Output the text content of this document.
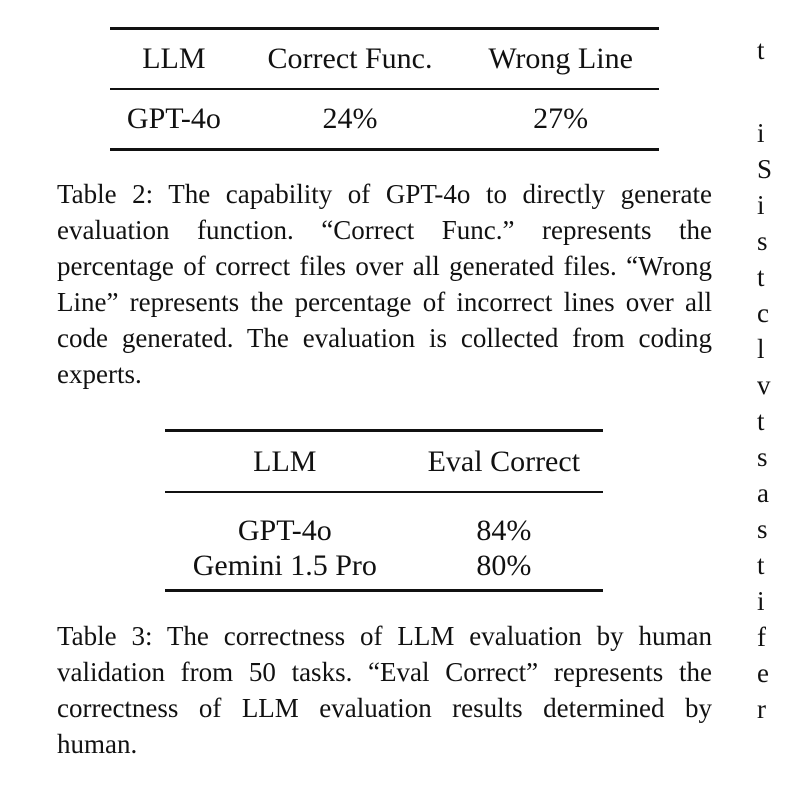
LLM	Correct Func.	Wrong Line
GPT-4o	24%	27%

Table 2: The capability of GPT-4o to directly generate evaluation function. “Correct Func.” represents the percentage of correct files over all generated files. “Wrong Line” represents the percentage of incorrect lines over all code generated. The evaluation is collected from coding experts.

LLM	Eval Correct
GPT-4o	84%
Gemini 1.5 Pro	80%

Table 3: The correctness of LLM evaluation by human validation from 50 tasks. “Eval Correct” represents the correctness of LLM evaluation results determined by human.

t
i
S
i
s
t
c
l
v
t
s
a
s
t
i
f
e
r
